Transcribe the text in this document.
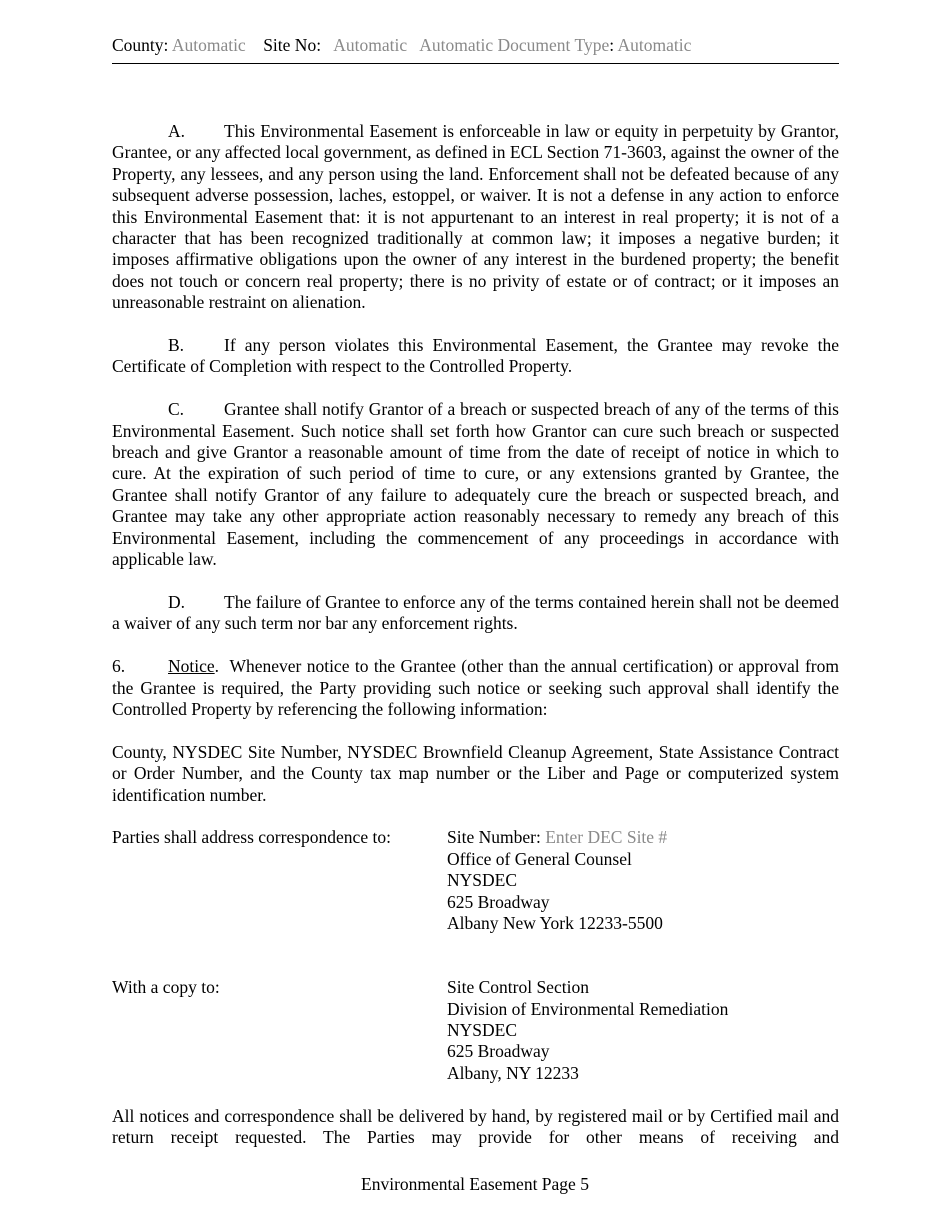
County: Automatic Site No: Automatic Automatic Document Type: Automatic

A. This Environmental Easement is enforceable in law or equity in perpetuity by Grantor, Grantee, or any affected local government, as defined in ECL Section 71-3603, against the owner of the Property, any lessees, and any person using the land. Enforcement shall not be defeated because of any subsequent adverse possession, laches, estoppel, or waiver. It is not a defense in any action to enforce this Environmental Easement that: it is not appurtenant to an interest in real property; it is not of a character that has been recognized traditionally at common law; it imposes a negative burden; it imposes affirmative obligations upon the owner of any interest in the burdened property; the benefit does not touch or concern real property; there is no privity of estate or of contract; or it imposes an unreasonable restraint on alienation.

B. If any person violates this Environmental Easement, the Grantee may revoke the Certificate of Completion with respect to the Controlled Property.

C. Grantee shall notify Grantor of a breach or suspected breach of any of the terms of this Environmental Easement. Such notice shall set forth how Grantor can cure such breach or suspected breach and give Grantor a reasonable amount of time from the date of receipt of notice in which to cure. At the expiration of such period of time to cure, or any extensions granted by Grantee, the Grantee shall notify Grantor of any failure to adequately cure the breach or suspected breach, and Grantee may take any other appropriate action reasonably necessary to remedy any breach of this Environmental Easement, including the commencement of any proceedings in accordance with applicable law.

D. The failure of Grantee to enforce any of the terms contained herein shall not be deemed a waiver of any such term nor bar any enforcement rights.

6. Notice.  Whenever notice to the Grantee (other than the annual certification) or approval from the Grantee is required, the Party providing such notice or seeking such approval shall identify the Controlled Property by referencing the following information:

County, NYSDEC Site Number, NYSDEC Brownfield Cleanup Agreement, State Assistance Contract or Order Number, and the County tax map number or the Liber and Page or computerized system identification number.

Parties shall address correspondence to:	Site Number: Enter DEC Site #
Office of General Counsel
NYSDEC
625 Broadway
Albany New York 12233-5500
With a copy to:	Site Control Section
Division of Environmental Remediation
NYSDEC
625 Broadway
Albany, NY 12233

All notices and correspondence shall be delivered by hand, by registered mail or by Certified mail and return receipt requested. The Parties may provide for other means of receiving and

Environmental Easement Page 5
